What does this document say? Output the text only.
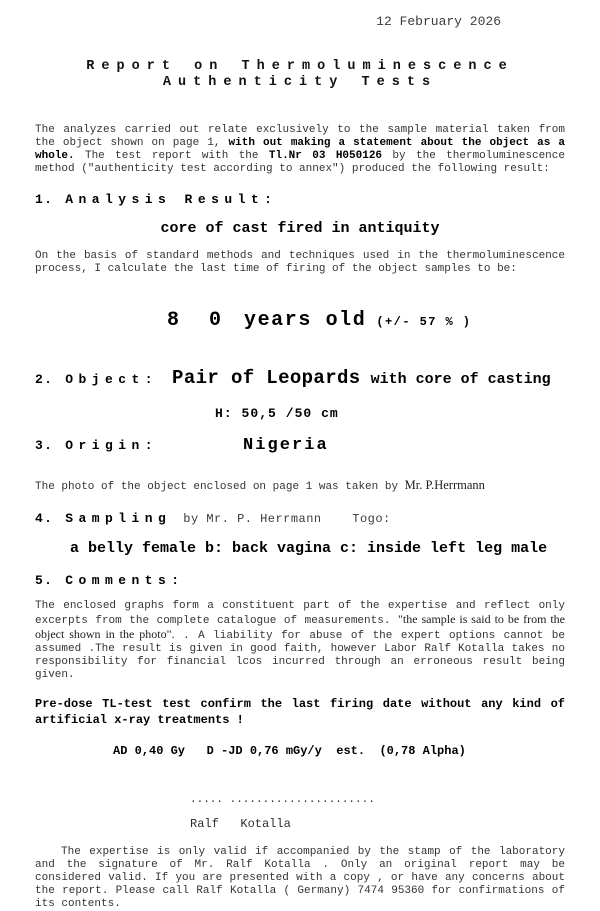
12 February 2026
Report on Thermoluminescence
Authenticity Tests
The analyzes carried out relate exclusively to the sample material taken from the object shown on page 1, with out making a statement about the object as a whole. The test report with the Tl.Nr 03 H050126 by the thermoluminescence method ("authenticity test according to annex") produced the following result:
1. Analysis Result:
core of cast fired in antiquity
On the basis of standard methods and techniques used in the thermoluminescence process, I calculate the last time of firing of the object samples to be:

8 0 years old (+/- 57 % )

2. Object: Pair of Leopards with core of casting
H: 50,5 /50 cm
3. Origin:	Nigeria
The photo of the object enclosed on page 1 was taken by Mr. P.Herrmann
4. Sampling by Mr. P. Herrmann    Togo:
a belly female b: back vagina c: inside left leg male
5. Comments:
The enclosed graphs form a constituent part of the expertise and reflect only excerpts from the complete catalogue of measurements. "the sample is said to be from the object shown in the photo". . A liability for abuse of the expert options cannot be assumed .The result is given in good faith, however Labor Ralf Kotalla takes no responsibility for financial lcos incurred through an erroneous result being given.
Pre-dose TL-test test confirm the last firing date without any kind of artificial x-ray treatments !
AD 0,40 Gy   D -JD 0,76 mGy/y  est.  (0,78 Alpha)
..... ......................
Ralf   Kotalla
The expertise is only valid if accompanied by the stamp of the laboratory and the signature of Mr. Ralf Kotalla . Only an original report may be considered valid. If you are presented with a copy , or have any concerns about the report. Please call Ralf Kotalla ( Germany) 7474 95360 for confirmations of its contents.
